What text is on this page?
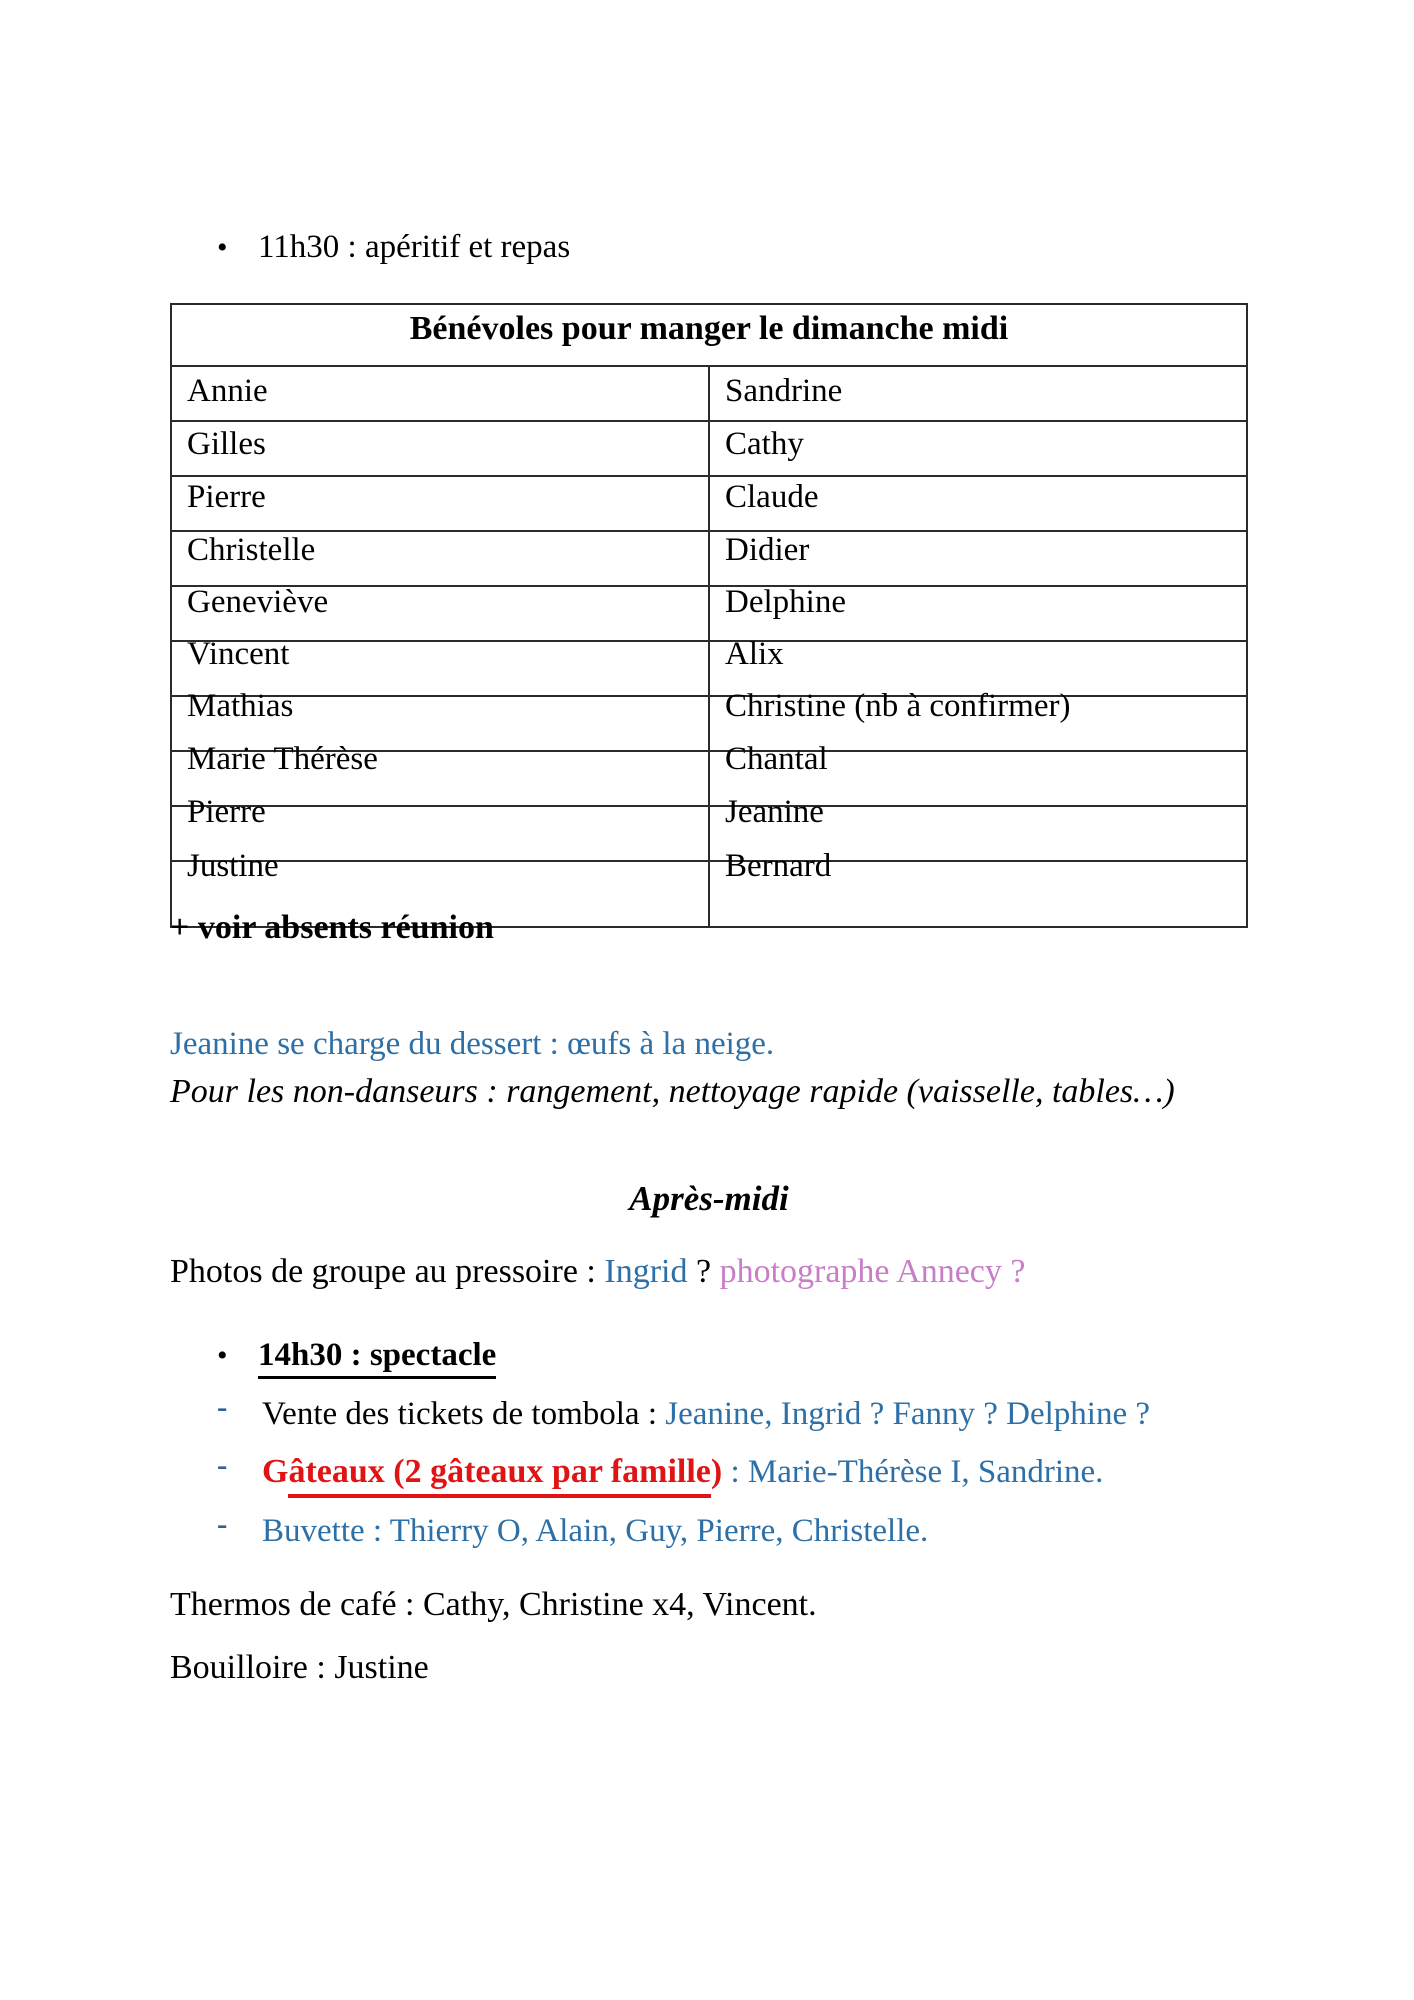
• 11h30 : apéritif et repas
Bénévoles pour manger le dimanche midi
Annie	Sandrine
Gilles	Cathy
Pierre	Claude
Christelle	Didier
Geneviève	Delphine
Vincent	Alix
Mathias	Christine (nb à confirmer)
Marie Thérèse	Chantal
Pierre	Jeanine
Justine	Bernard
+ voir absents réunion
Jeanine se charge du dessert : œufs à la neige.
Pour les non-danseurs : rangement, nettoyage rapide (vaisselle, tables…)
Après-midi
Photos de groupe au pressoire : Ingrid ? photographe Annecy ?
• 14h30 : spectacle
- Vente des tickets de tombola : Jeanine, Ingrid ? Fanny ? Delphine ?
- Gâteaux (2 gâteaux par famille) : Marie-Thérèse I, Sandrine.
- Buvette : Thierry O, Alain, Guy, Pierre, Christelle.
Thermos de café : Cathy, Christine x4, Vincent.
Bouilloire : Justine
